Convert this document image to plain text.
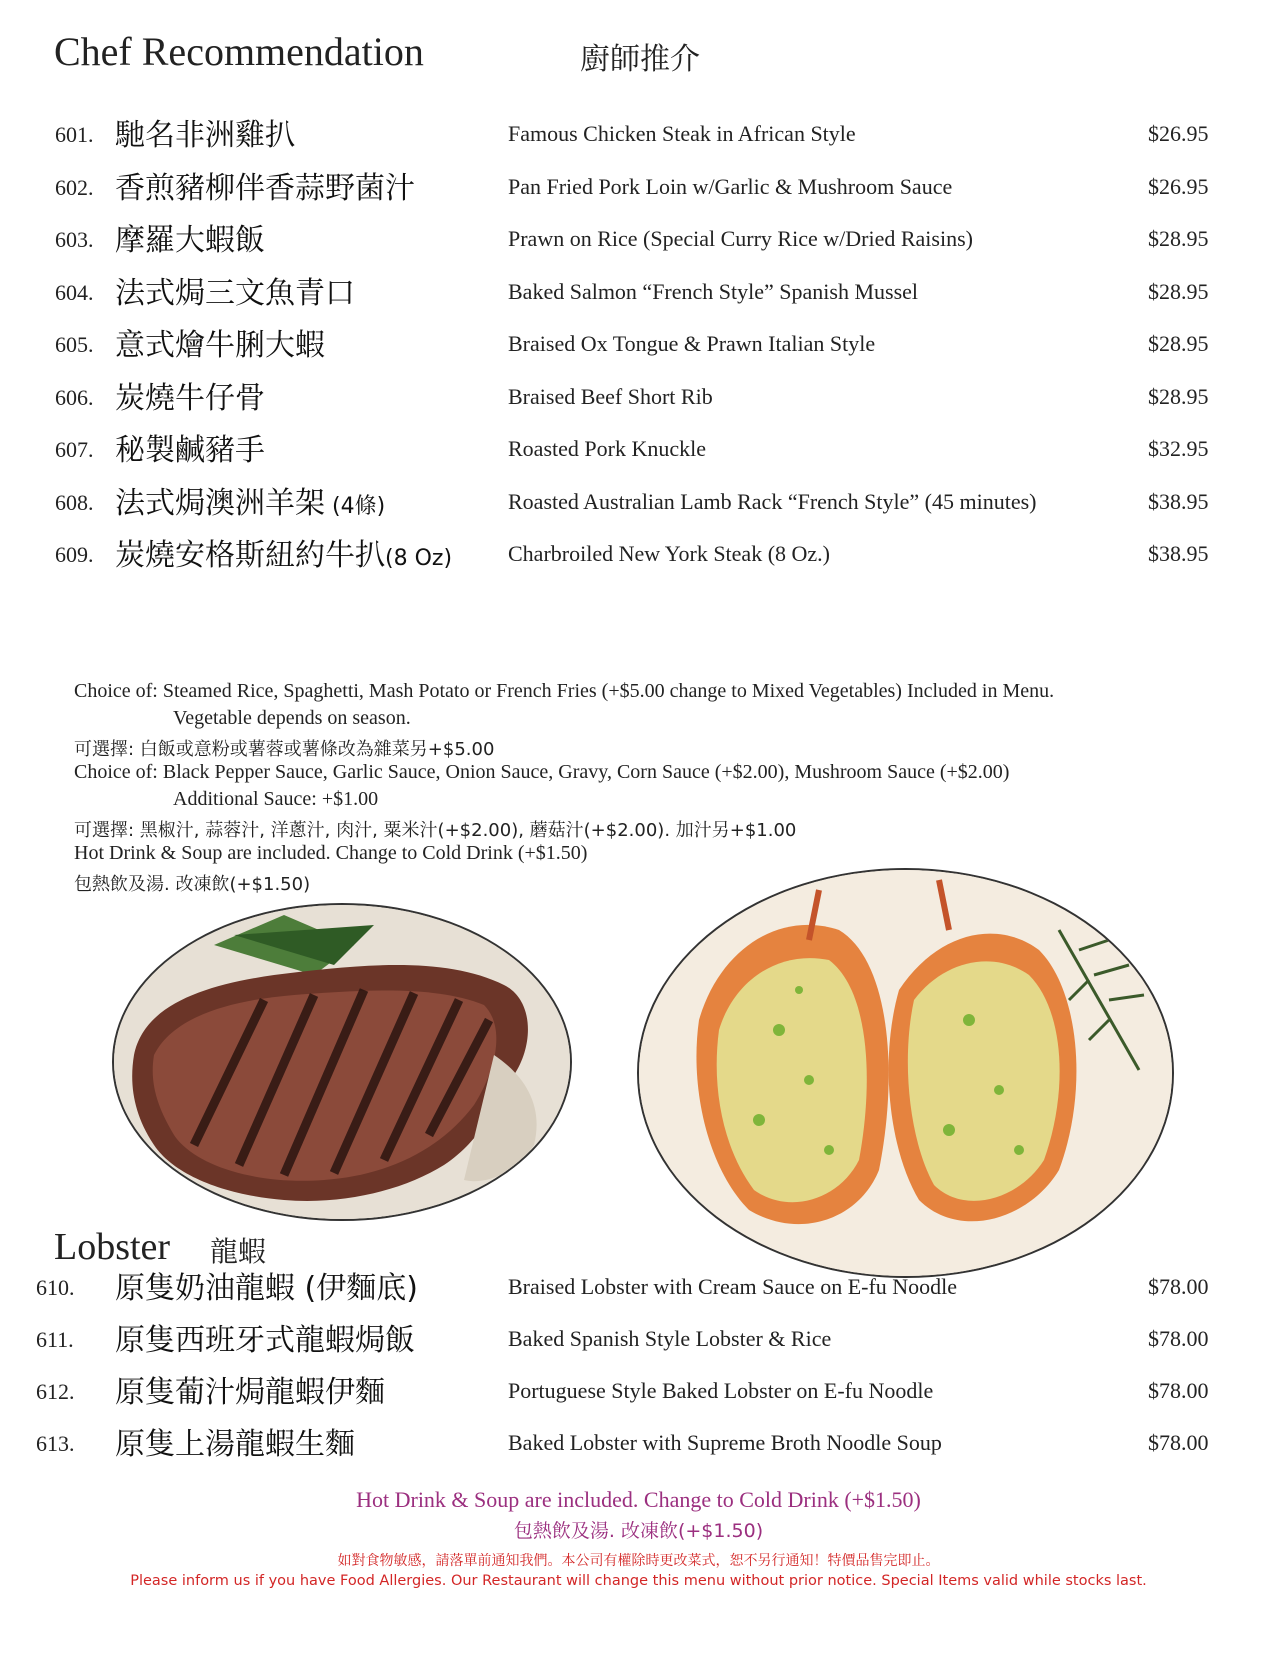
Chef Recommendation	廚師推介
601. 馳名非洲雞扒	Famous Chicken Steak in African Style	$26.95
602. 香煎豬柳伴香蒜野菌汁	Pan Fried Pork Loin w/Garlic & Mushroom Sauce	$26.95
603. 摩羅大蝦飯	Prawn on Rice (Special Curry Rice w/Dried Raisins)	$28.95
604. 法式焗三文魚青口	Baked Salmon “French Style” Spanish Mussel	$28.95
605. 意式燴牛脷大蝦	Braised Ox Tongue & Prawn Italian Style	$28.95
606. 炭燒牛仔骨	Braised Beef Short Rib	$28.95
607. 秘製鹹豬手	Roasted Pork Knuckle	$32.95
608. 法式焗澳洲羊架 (4條)	Roasted Australian Lamb Rack “French Style” (45 minutes)	$38.95
609. 炭燒安格斯紐約牛扒(8 Oz)	Charbroiled New York Steak (8 Oz.)	$38.95
Choice of: Steamed Rice, Spaghetti, Mash Potato or French Fries (+$5.00 change to Mixed Vegetables) Included in Menu.
Vegetable depends on season.
可選擇: 白飯或意粉或薯蓉或薯條改為雜菜另+$5.00
Choice of: Black Pepper Sauce, Garlic Sauce, Onion Sauce, Gravy, Corn Sauce (+$2.00), Mushroom Sauce (+$2.00)
Additional Sauce: +$1.00
可選擇: 黑椒汁, 蒜蓉汁, 洋蔥汁, 肉汁, 粟米汁(+$2.00), 蘑菇汁(+$2.00). 加汁另+$1.00
Hot Drink & Soup are included. Change to Cold Drink (+$1.50)
包熱飲及湯. 改凍飲(+$1.50)
Lobster 龍蝦
610. 原隻奶油龍蝦 (伊麵底)	Braised Lobster with Cream Sauce on E-fu Noodle	$78.00
611. 原隻西班牙式龍蝦焗飯	Baked Spanish Style Lobster & Rice	$78.00
612. 原隻葡汁焗龍蝦伊麵	Portuguese Style Baked Lobster on E-fu Noodle	$78.00
613. 原隻上湯龍蝦生麵	Baked Lobster with Supreme Broth Noodle Soup	$78.00
Hot Drink & Soup are included. Change to Cold Drink (+$1.50)
包熱飲及湯. 改凍飲(+$1.50)
如對食物敏感，請落單前通知我們。本公司有權除時更改菜式，恕不另行通知！特價品售完即止。
Please inform us if you have Food Allergies. Our Restaurant will change this menu without prior notice. Special Items valid while stocks last.
